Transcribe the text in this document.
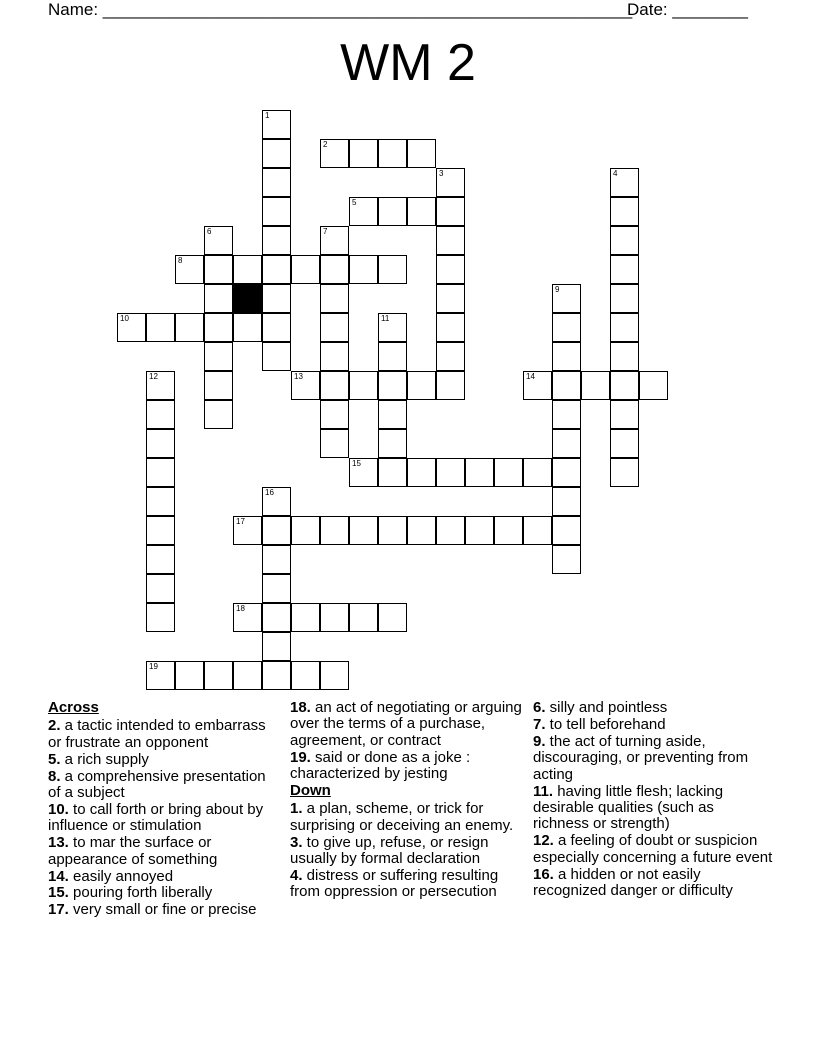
Name: ________________________________________________________
Date: ________
WM 2
1
2
3	4
5
6	7
8
9
10	11
12	13	14
15
16
17
18
19
Across
2. a tactic intended to embarrass or frustrate an opponent
5. a rich supply
8. a comprehensive presentation of a subject
10. to call forth or bring about by influence or stimulation
13. to mar the surface or appearance of something
14. easily annoyed
15. pouring forth liberally
17. very small or fine or precise
18. an act of negotiating or arguing over the terms of a purchase, agreement, or contract
19. said or done as a joke : characterized by jesting
Down
1. a plan, scheme, or trick for surprising or deceiving an enemy.
3. to give up, refuse, or resign usually by formal declaration
4. distress or suffering resulting from oppression or persecution
6. silly and pointless
7. to tell beforehand
9. the act of turning aside, discouraging, or preventing from acting
11. having little flesh; lacking desirable qualities (such as richness or strength)
12. a feeling of doubt or suspicion especially concerning a future event
16. a hidden or not easily recognized danger or difficulty
